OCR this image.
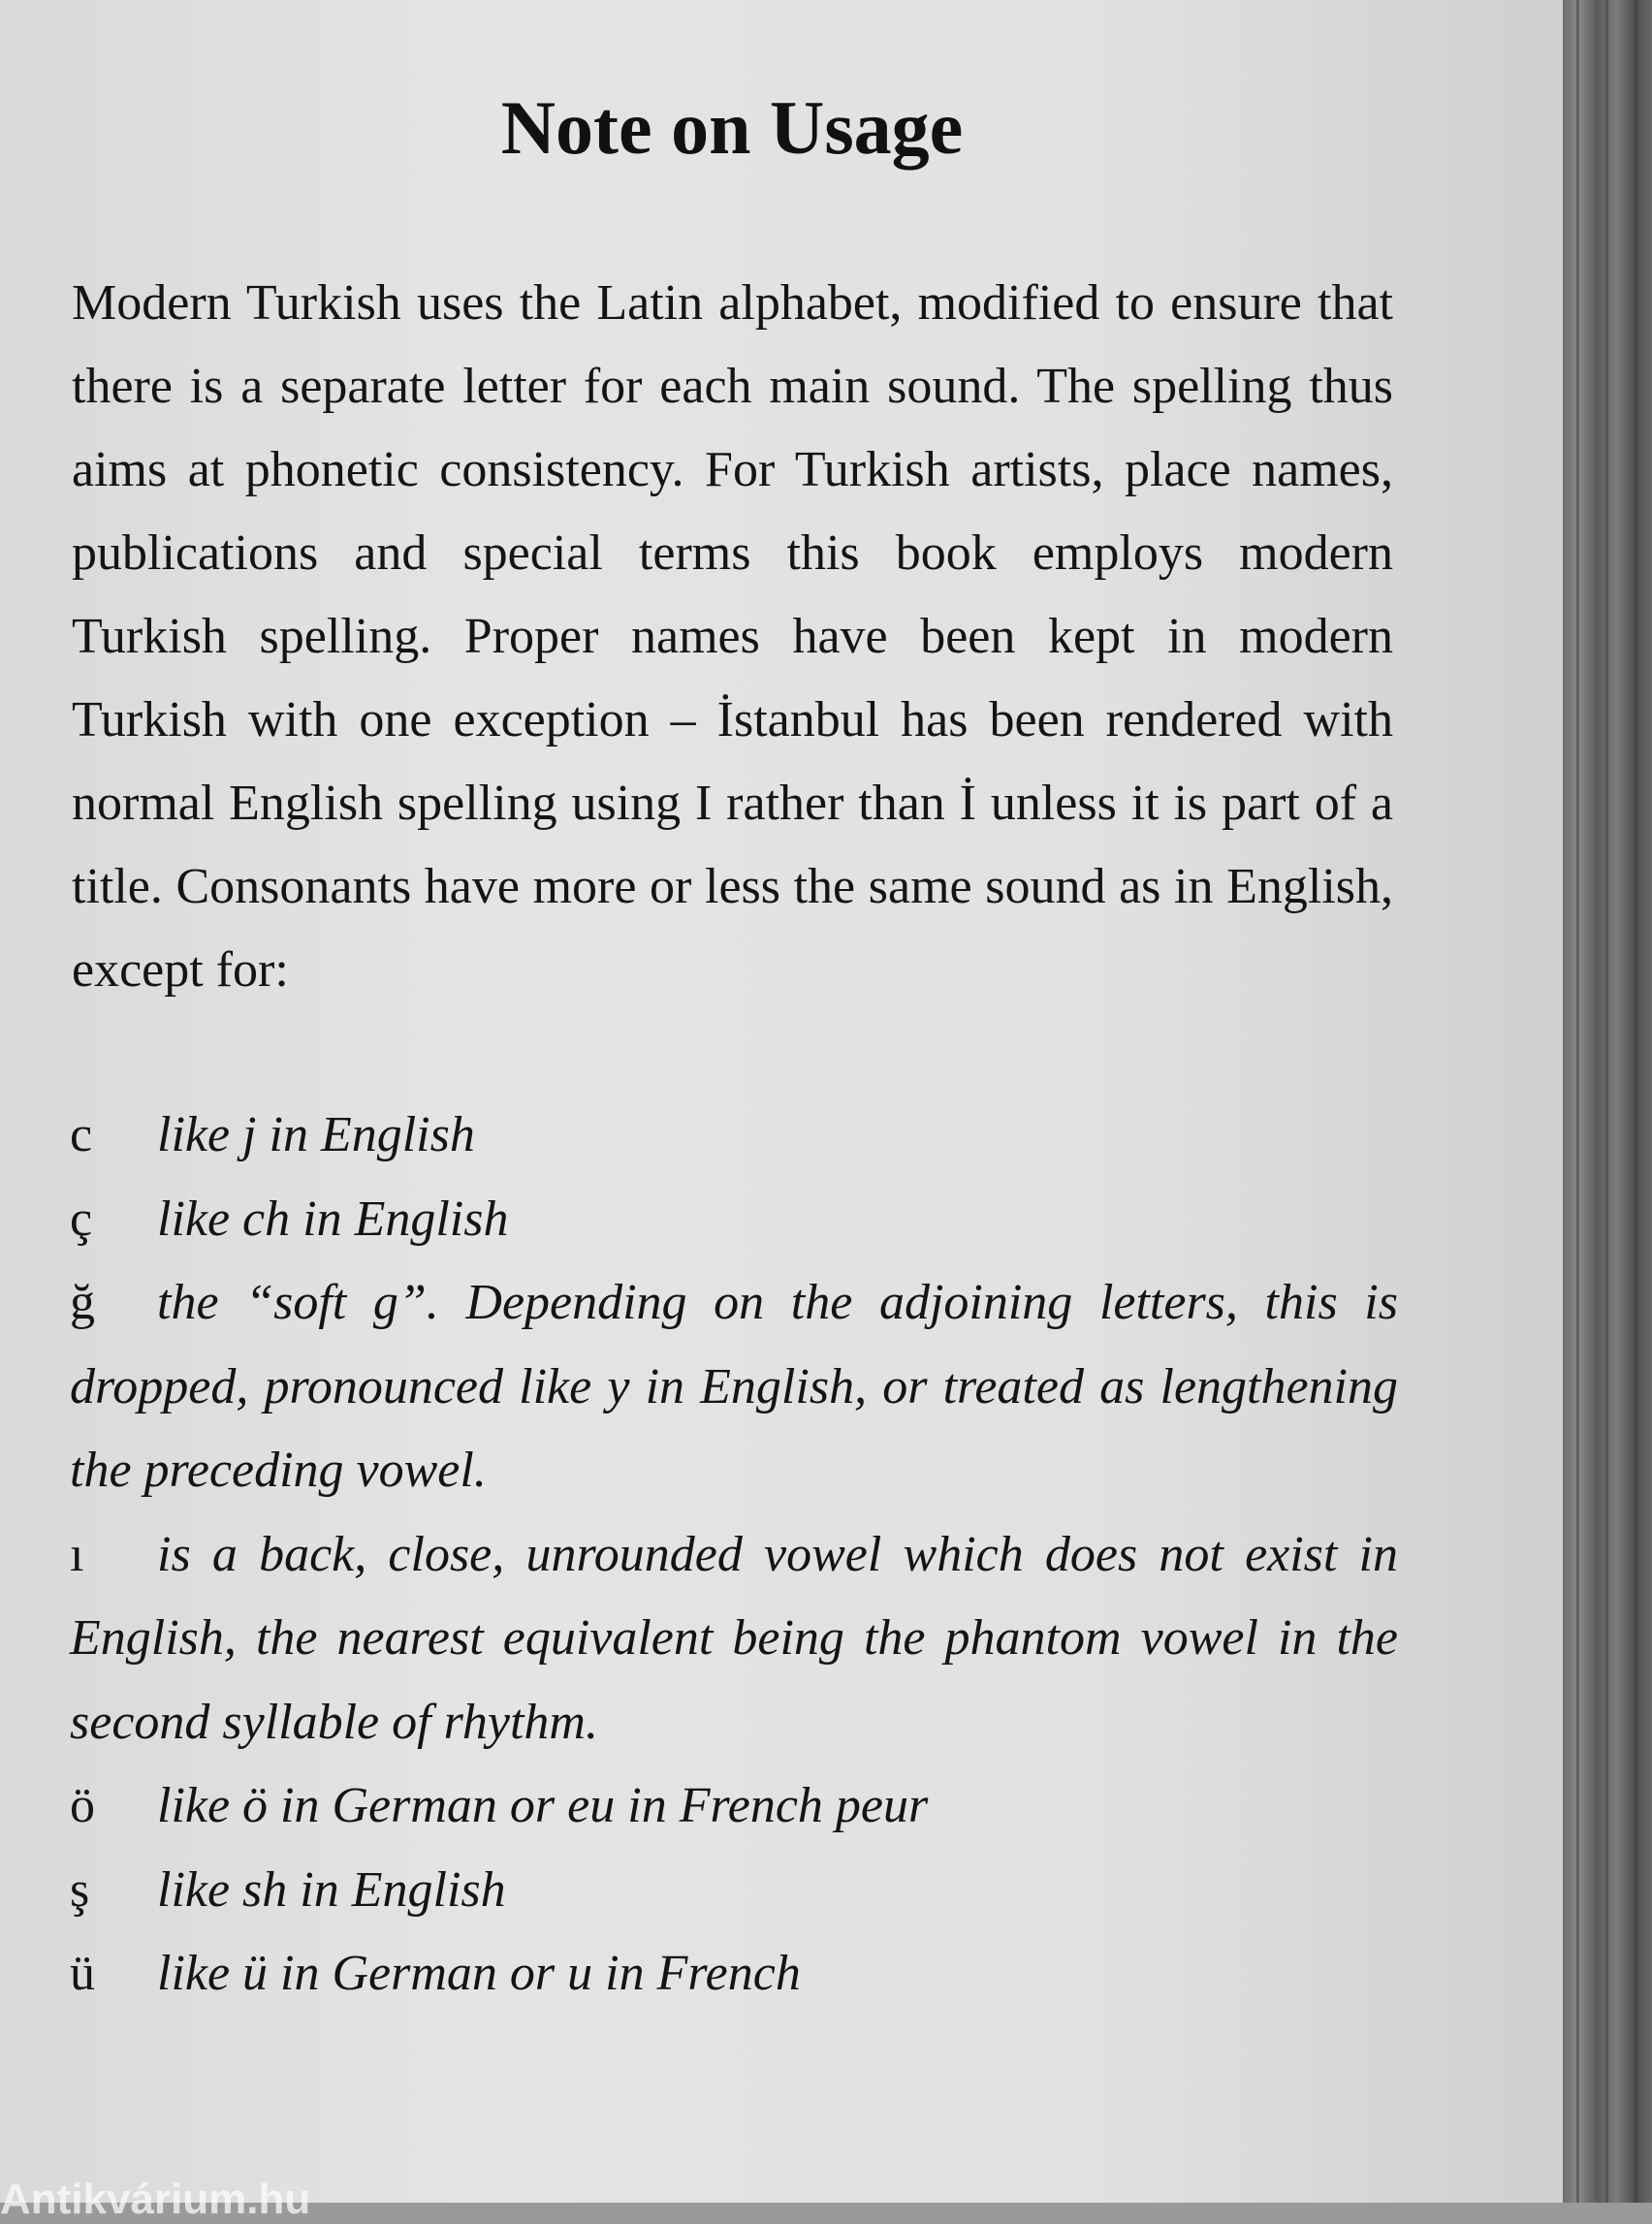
Note on Usage

Modern Turkish uses the Latin alphabet, modified to ensure that there is a separate letter for each main sound. The spelling thus aims at phonetic consistency. For Turkish artists, place names, publications and special terms this book employs modern Turkish spelling. Proper names have been kept in modern Turkish with one exception – İstanbul has been rendered with normal English spelling using I rather than İ unless it is part of a title. Consonants have more or less the same sound as in English, except for:

c like j in English
ç like ch in English
ğ the “soft g”. Depending on the adjoining letters, this is dropped, pronounced like y in English, or treated as lengthening the preceding vowel.
ı is a back, close, unrounded vowel which does not exist in English, the nearest equivalent being the phantom vowel in the second syllable of rhythm.
ö like ö in German or eu in French peur
ş like sh in English
ü like ü in German or u in French
Antikvárium.hu
